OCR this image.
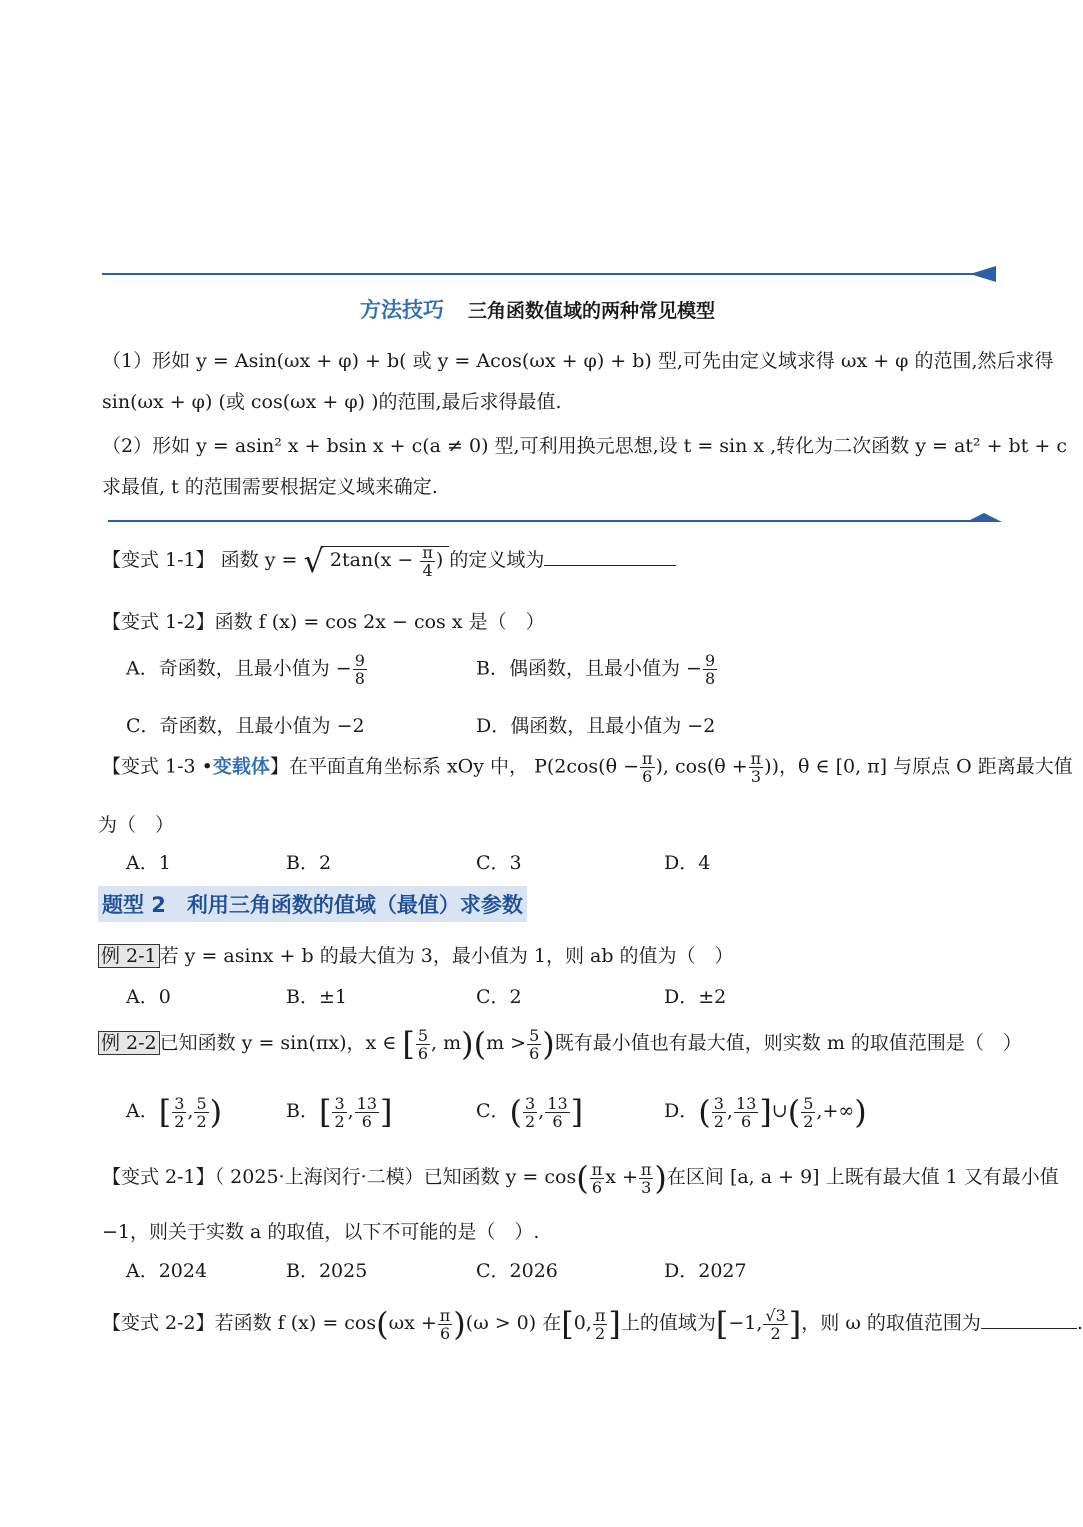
方法技巧 三角函数值域的两种常见模型
（1）形如 y = Asin(ωx + φ) + b( 或 y = Acos(ωx + φ) + b) 型,可先由定义域求得 ωx + φ 的范围,然后求得
sin(ωx + φ) (或 cos(ωx + φ) )的范围,最后求得最值.
（2）形如 y = asin² x + bsin x + c(a ≠ 0) 型,可利用换元思想,设 t = sin x ,转化为二次函数 y = at² + bt + c
求最值, t 的范围需要根据定义域来确定.
【变式 1-1】 函数 y = √ $2\tan(x - \frac{\pi}{4}$ ) 的定义域为
【变式 1-2】函数 f (x) = cos 2x − cos x 是（　）
A．奇函数，且最小值为 − $\frac{9}{8}$	B．偶函数，且最小值为 − $\frac{9}{8}$
C．奇函数，且最小值为 −2	D．偶函数，且最小值为 −2
【变式 1-3 •变载体】在平面直角坐标系 xOy 中， $P(2\cos(\theta - \frac{\pi}{6}$ ), $\cos(\theta + \frac{\pi}{3}$ ))，θ ∈ [0, π] 与原点 O 距离最大值
为（　）
A．1	B．2	C．3	D．4
题型 2　利用三角函数的值域（最值）求参数
例 2-1 若 y = asinx + b 的最大值为 3，最小值为 1，则 ab 的值为（　）
A．0	B．±1	C．2	D．±2
例 2-2 已知函数 y = sin(πx)，x ∈ [ $\frac{5}{6}$ , $m)(m > \frac{5}{6}$ )既有最小值也有最大值，则实数 m 的取值范围是（　）
A．[ $\frac{3}{2}$ , $\frac{5}{2}$ )	B．[ $\frac{3}{2}$ , $\frac{13}{6}$ ]	C．( $\frac{3}{2}$ , $\frac{13}{6}$ ]	D．( $\frac{3}{2}$ , $\frac{13}{6}$ ]∪( $\frac{5}{2}$ ,+∞)
【变式 2-1】（ 2025·上海闵行·二模）已知函数 $y = \cos( \frac{\pi}{6}$ $x + \frac{\pi}{3}$ )在区间 [a, a + 9] 上既有最大值 1 又有最小值
−1，则关于实数 a 的取值，以下不可能的是（　）.
A．2024	B．2025	C．2026	D．2027
【变式 2-2】若函数 f $(x) = \cos(\omega x + \frac{\pi}{6} )(\omega > 0)$ 在[0, $\frac{\pi}{2}$ ]上的值域为[−1, $\frac{√3}{2}$ ]，则 ω 的取值范围为	.
